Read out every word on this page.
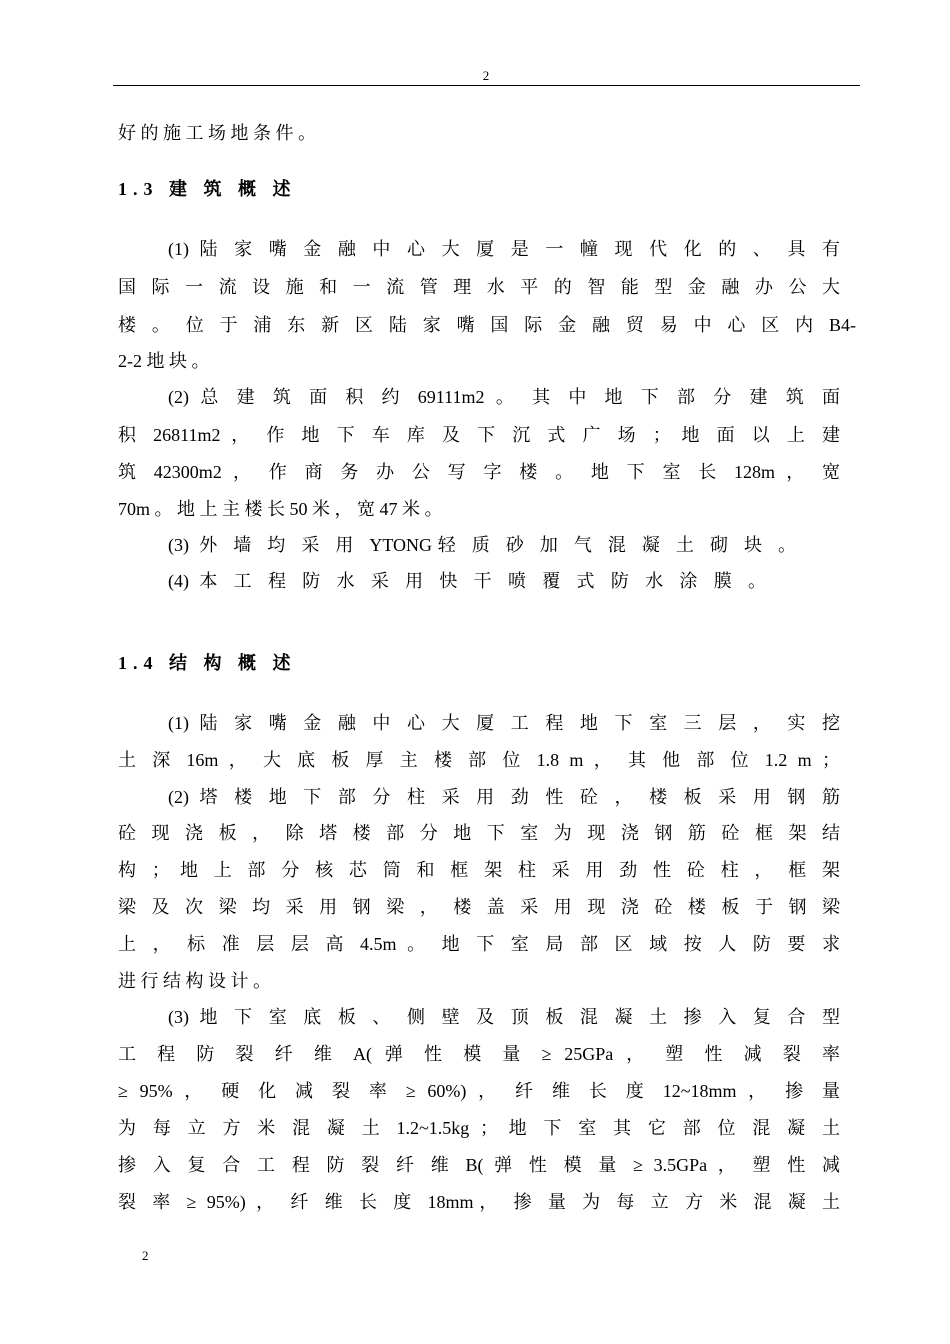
2
好 的 施 工 场 地 条 件 。
1.3 建 筑 概 述
(1) 陆 家 嘴 金 融 中 心 大 厦 是 一 幢 现 代 化 的 、 具 有
国 际 一 流 设 施 和 一 流 管 理 水 平 的 智 能 型 金 融 办 公 大
楼 。 位 于 浦 东 新 区 陆 家 嘴 国 际 金 融 贸 易 中 心 区 内 B4-
2-2 地 块 。
(2) 总 建 筑 面 积 约 69111m2 。 其 中 地 下 部 分 建 筑 面
积 26811m2 ， 作 地 下 车 库 及 下 沉 式 广 场 ； 地 面 以 上 建
筑 42300m2 ， 作 商 务 办 公 写 字 楼 。 地 下 室 长 128m ， 宽
70m 。 地 上 主 楼 长 50 米 ， 宽 47 米 。
(3) 外 墙 均 采 用 YTONG轻 质 砂 加 气 混 凝 土 砌 块 。
(4) 本 工 程 防 水 采 用 快 干 喷 覆 式 防 水 涂 膜 。
1.4 结 构 概 述
(1) 陆 家 嘴 金 融 中 心 大 厦 工 程 地 下 室 三 层 ， 实 挖
土 深 16m ， 大 底 板 厚 主 楼 部 位 1.8 m ， 其 他 部 位 1.2 m ；
(2) 塔 楼 地 下 部 分 柱 采 用 劲 性 砼 ， 楼 板 采 用 钢 筋
砼 现 浇 板 ， 除 塔 楼 部 分 地 下 室 为 现 浇 钢 筋 砼 框 架 结
构 ； 地 上 部 分 核 芯 筒 和 框 架 柱 采 用 劲 性 砼 柱 ， 框 架
梁 及 次 梁 均 采 用 钢 梁 ， 楼 盖 采 用 现 浇 砼 楼 板 于 钢 梁
上 ， 标 准 层 层 高 4.5m 。 地 下 室 局 部 区 域 按 人 防 要 求
进 行 结 构 设 计 。
(3) 地 下 室 底 板 、 侧 壁 及 顶 板 混 凝 土 掺 入 复 合 型
工 程 防 裂 纤 维 A( 弹 性 模 量 ≥ 25GPa ， 塑 性 减 裂 率
≥ 95% ， 硬 化 减 裂 率 ≥ 60%) ， 纤 维 长 度 12~18mm ， 掺 量
为 每 立 方 米 混 凝 土 1.2~1.5kg ； 地 下 室 其 它 部 位 混 凝 土
掺 入 复 合 工 程 防 裂 纤 维 B( 弹 性 模 量 ≥ 3.5GPa ， 塑 性 减
裂 率 ≥ 95%) ， 纤 维 长 度 18mm， 掺 量 为 每 立 方 米 混 凝 土
2
